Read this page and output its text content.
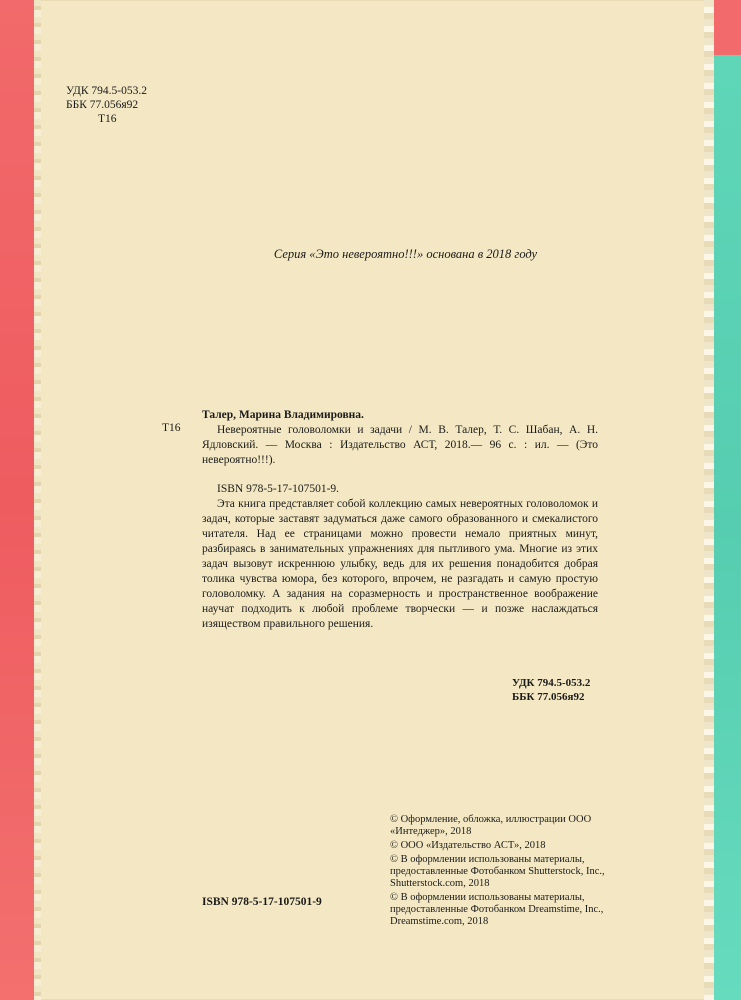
УДК 794.5-053.2
ББК 77.056я92

Т16
Серия «Это невероятно!!!» основана в 2018 году
Т16
Талер, Марина Владимировна.
Невероятные головоломки и задачи / М. В. Талер, Т. С. Шабан, А. Н. Ядловский. — Москва : Издательство АСТ, 2018.— 96 с. : ил. — (Это невероятно!!!).
ISBN 978-5-17-107501-9.
Эта книга представляет собой коллекцию самых невероятных головоломок и задач, которые заставят задуматься даже самого образованного и смекалистого читателя. Над ее страницами можно провести немало приятных минут, разбираясь в занимательных упражнениях для пытливого ума. Многие из этих задач вызовут искреннюю улыбку, ведь для их решения понадобится добрая толика чувства юмора, без которого, впрочем, не разгадать и самую простую головоломку. А задания на соразмерность и пространственное воображение научат подходить к любой проблеме творчески — и позже наслаждаться изяществом правильного решения.
УДК 794.5-053.2
ББК 77.056я92
© Оформление, обложка, иллюстрации ООО «Интеджер», 2018
© ООО «Издательство АСТ», 2018
© В оформлении использованы материалы, предоставленные Фотобанком Shutterstock, Inc., Shutterstock.com, 2018
© В оформлении использованы материалы, предоставленные Фотобанком Dreamstime, Inc., Dreamstime.com, 2018
ISBN 978-5-17-107501-9
